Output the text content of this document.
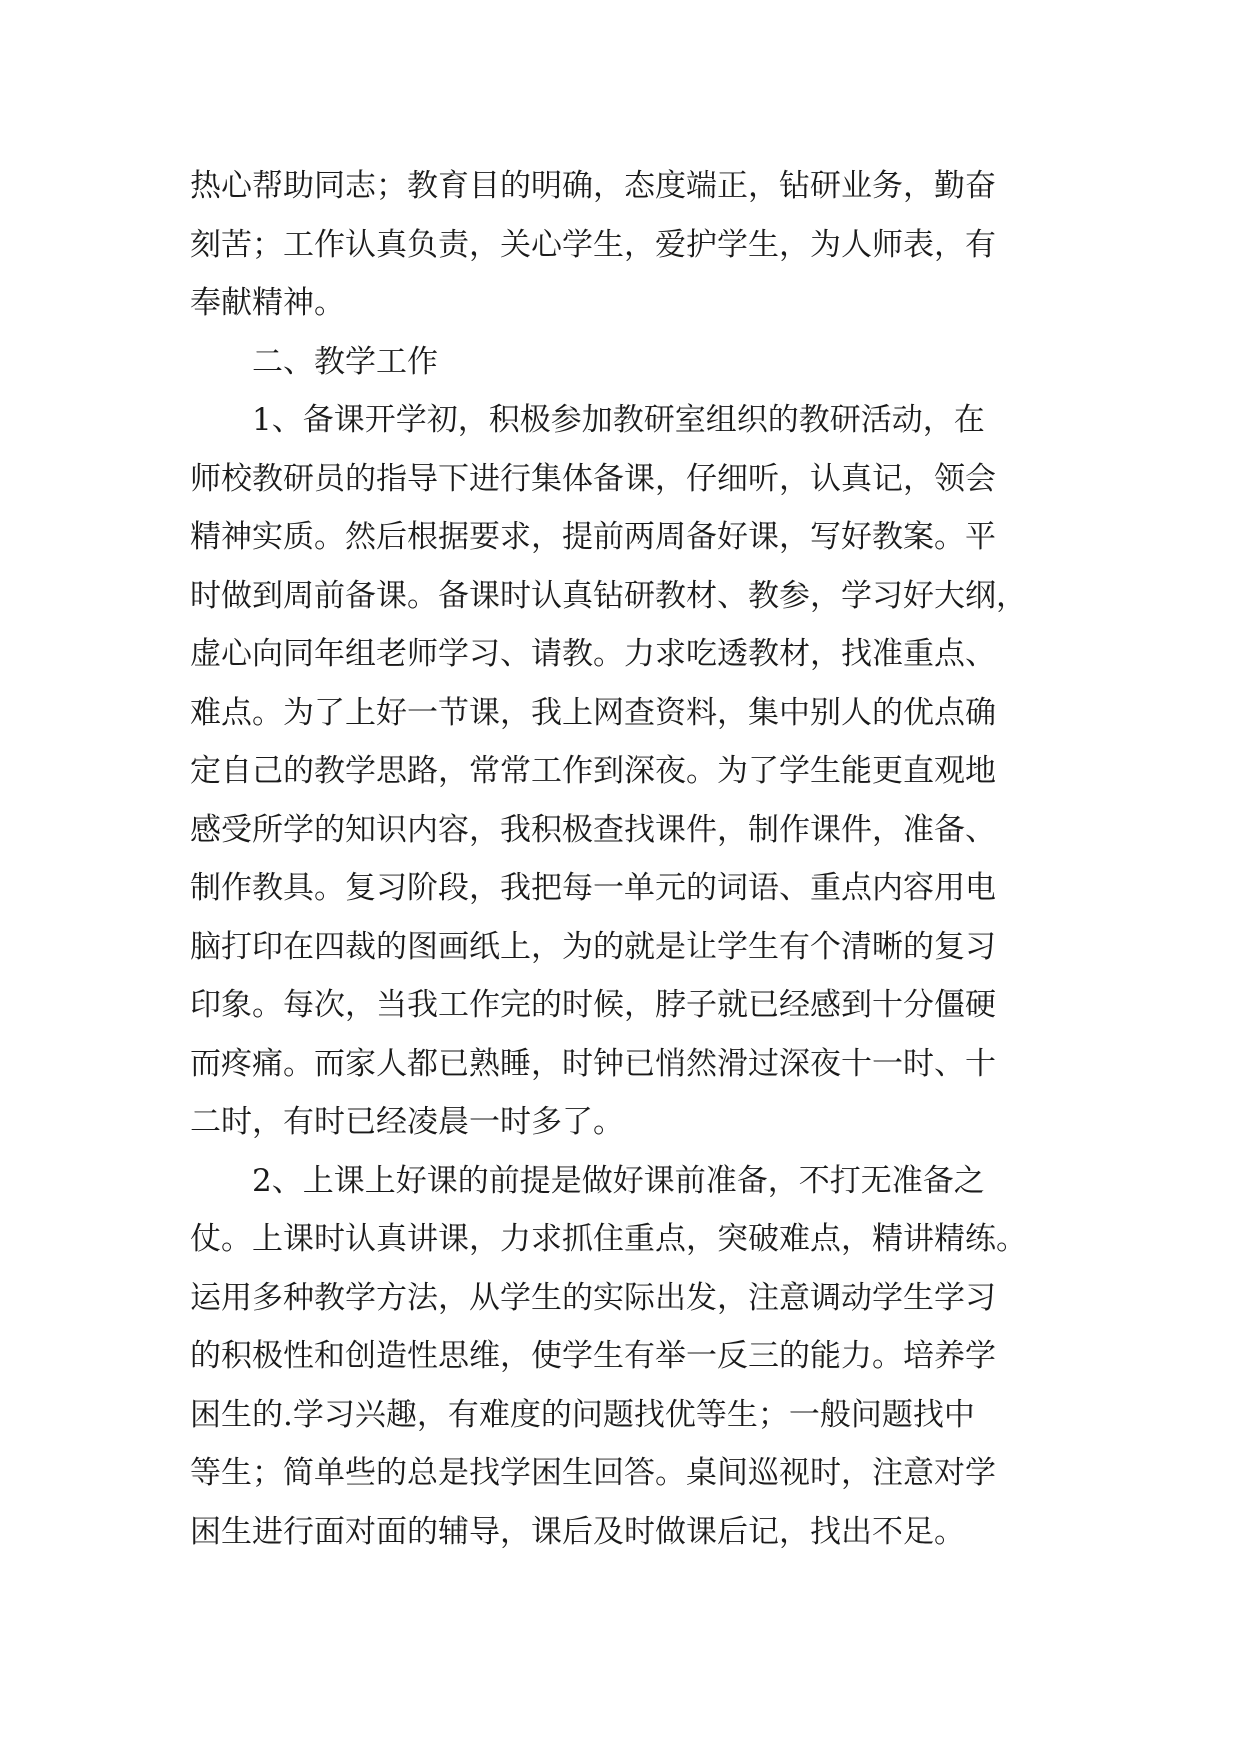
热心帮助同志；教育目的明确，态度端正，钻研业务，勤奋
刻苦；工作认真负责，关心学生，爱护学生，为人师表，有
奉献精神。
二、教学工作
1、备课开学初，积极参加教研室组织的教研活动，在
师校教研员的指导下进行集体备课，仔细听，认真记，领会
精神实质。然后根据要求，提前两周备好课，写好教案。平
时做到周前备课。备课时认真钻研教材、教参，学习好大纲，
虚心向同年组老师学习、请教。力求吃透教材，找准重点、
难点。为了上好一节课，我上网查资料，集中别人的优点确
定自己的教学思路，常常工作到深夜。为了学生能更直观地
感受所学的知识内容，我积极查找课件，制作课件，准备、
制作教具。复习阶段，我把每一单元的词语、重点内容用电
脑打印在四裁的图画纸上，为的就是让学生有个清晰的复习
印象。每次，当我工作完的时候，脖子就已经感到十分僵硬
而疼痛。而家人都已熟睡，时钟已悄然滑过深夜十一时、十
二时，有时已经凌晨一时多了。
2、上课上好课的前提是做好课前准备，不打无准备之
仗。上课时认真讲课，力求抓住重点，突破难点，精讲精练。
运用多种教学方法，从学生的实际出发，注意调动学生学习
的积极性和创造性思维，使学生有举一反三的能力。培养学
困生的.学习兴趣，有难度的问题找优等生；一般问题找中
等生；简单些的总是找学困生回答。桌间巡视时，注意对学
困生进行面对面的辅导，课后及时做课后记，找出不足。
